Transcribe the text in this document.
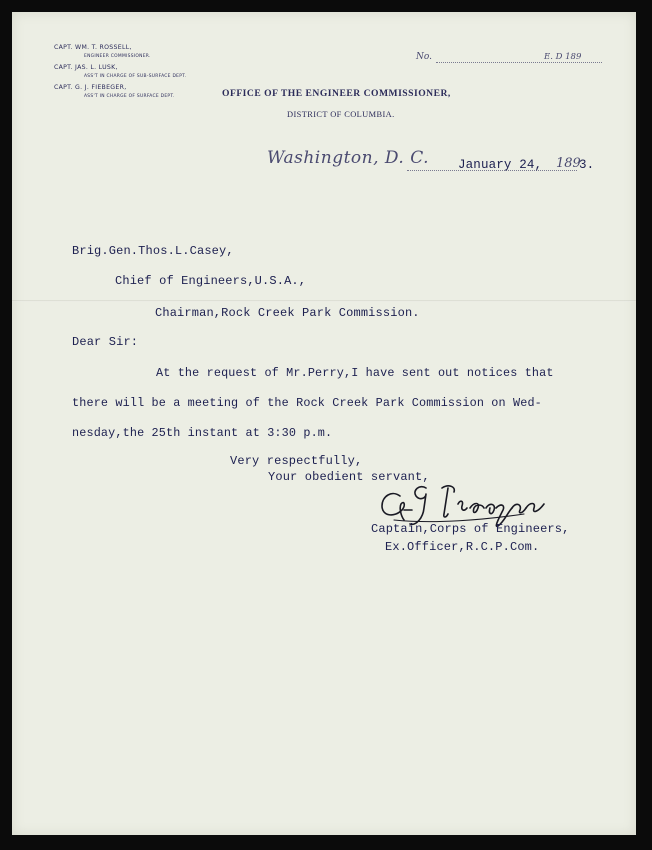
CAPT. WM. T. ROSSELL,
ENGINEER COMMISSIONER.
CAPT. JAS. L. LUSK,
ASS'T IN CHARGE OF SUB-SURFACE DEPT.
CAPT. G. J. FIEBEGER,
ASS'T IN CHARGE OF SURFACE DEPT.
No.	E. D 189
OFFICE OF THE ENGINEER COMMISSIONER,
DISTRICT OF COLUMBIA.
Washington, D. C. January 24, 189
3.
Brig.Gen.Thos.L.Casey,
Chief of Engineers,U.S.A.,
Chairman,Rock Creek Park Commission.
Dear Sir:
At the request of Mr.Perry,I have sent out notices that
there will be a meeting of the Rock Creek Park Commission on Wed-
nesday,the 25th instant at 3:30 p.m.
Very respectfully,
Your obedient servant,
Captain,Corps of Engineers,
Ex.Officer,R.C.P.Com.
